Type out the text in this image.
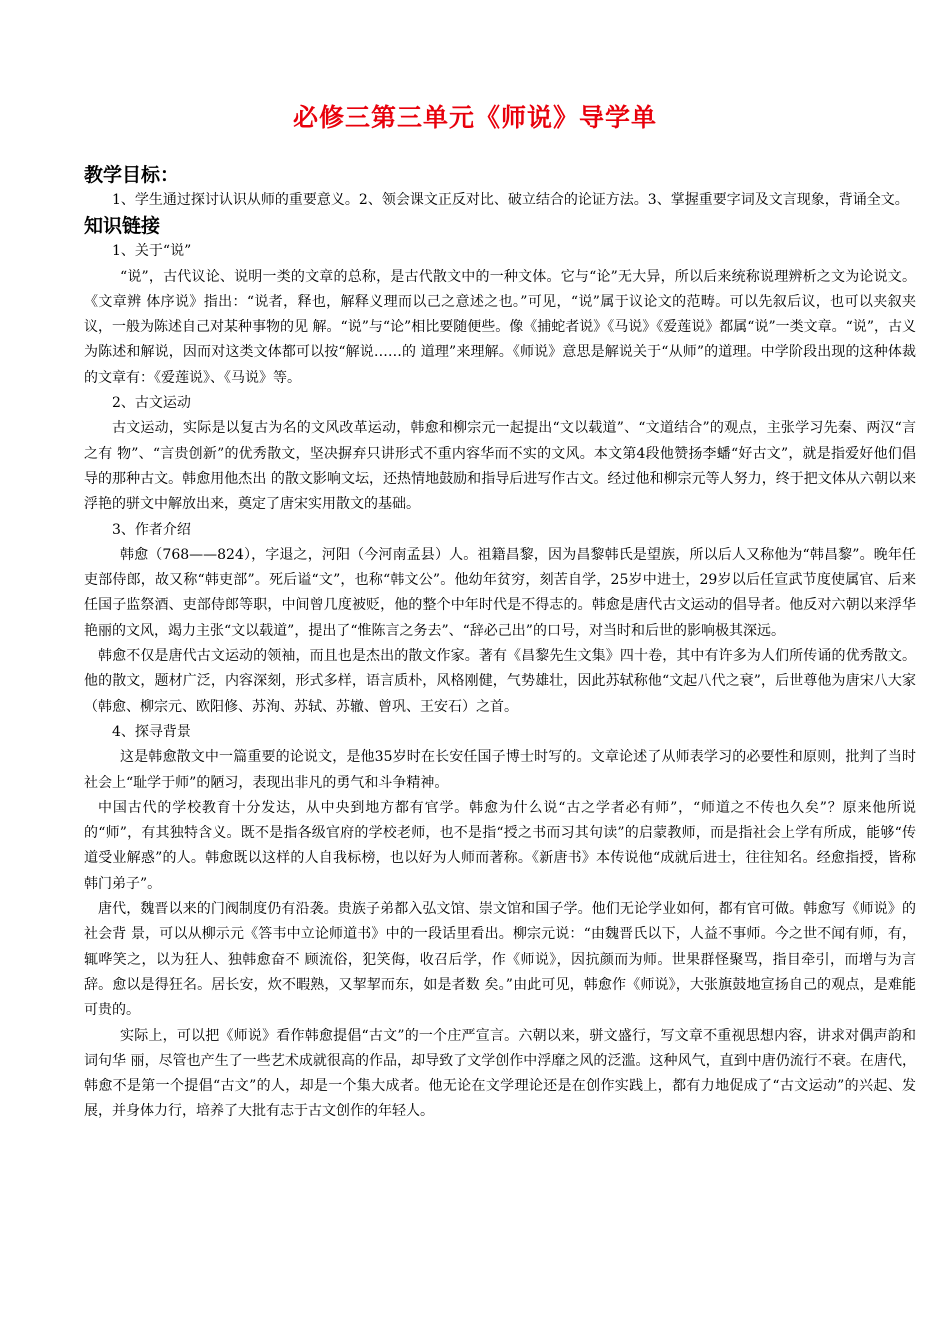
必修三第三单元《师说》导学单
教学目标：

1、学生通过探讨认识从师的重要意义。2、领会课文正反对比、破立结合的论证方法。3、掌握重要字词及文言现象，背诵全文。

知识链接

1、关于“说”

“说”，古代议论、说明一类的文章的总称，是古代散文中的一种文体。它与“论”无大异，所以后来统称说理辨析之文为论说文。《文章辨 体序说》指出：“说者，释也，解释义理而以己之意述之也。”可见，“说”属于议论文的范畴。可以先叙后议，也可以夹叙夹议，一般为陈述自己对某种事物的见 解。“说”与“论”相比要随便些。像《捕蛇者说》《马说》《爱莲说》都属“说”一类文章。“说”，古义为陈述和解说，因而对这类文体都可以按“解说……的 道理”来理解。《师说》意思是解说关于“从师”的道理。中学阶段出现的这种体裁的文章有：《爱莲说》、《马说》等。

2、古文运动

古文运动，实际是以复古为名的文风改革运动，韩愈和柳宗元一起提出“文以载道”、“文道结合”的观点，主张学习先秦、两汉“言之有 物”、“言贵创新”的优秀散文，坚决摒弃只讲形式不重内容华而不实的文风。本文第4段他赞扬李蟠“好古文”，就是指爱好他们倡导的那种古文。韩愈用他杰出 的散文影响文坛，还热情地鼓励和指导后进写作古文。经过他和柳宗元等人努力，终于把文体从六朝以来浮艳的骈文中解放出来，奠定了唐宋实用散文的基础。

3、作者介绍

韩愈（768——824），字退之，河阳（今河南孟县）人。祖籍昌黎，因为昌黎韩氏是望族，所以后人又称他为“韩昌黎”。晚年任吏部侍郎，故又称“韩吏部”。死后谥“文”，也称“韩文公”。他幼年贫穷，刻苦自学，25岁中进士，29岁以后任宣武节度使属官、后来任国子监祭酒、吏部侍郎等职，中间曾几度被贬，他的整个中年时代是不得志的。韩愈是唐代古文运动的倡导者。他反对六朝以来浮华艳丽的文风，竭力主张“文以载道”，提出了“惟陈言之务去”、“辞必己出”的口号，对当时和后世的影响极其深远。

韩愈不仅是唐代古文运动的领袖，而且也是杰出的散文作家。著有《昌黎先生文集》四十卷，其中有许多为人们所传诵的优秀散文。他的散文，题材广泛，内容深刻，形式多样，语言质朴，风格刚健，气势雄壮，因此苏轼称他“文起八代之衰”，后世尊他为唐宋八大家（韩愈、柳宗元、欧阳修、苏洵、苏轼、苏辙、曾巩、王安石）之首。

4、探寻背景

这是韩愈散文中一篇重要的论说文，是他35岁时在长安任国子博士时写的。文章论述了从师表学习的必要性和原则，批判了当时社会上“耻学于师”的陋习，表现出非凡的勇气和斗争精神。

中国古代的学校教育十分发达，从中央到地方都有官学。韩愈为什么说“古之学者必有师”，“师道之不传也久矣”？原来他所说的“师”，有其独特含义。既不是指各级官府的学校老师，也不是指“授之书而习其句读”的启蒙教师，而是指社会上学有所成，能够“传道受业解惑”的人。韩愈既以这样的人自我标榜，也以好为人师而著称。《新唐书》本传说他“成就后进士，往往知名。经愈指授，皆称韩门弟子”。

唐代，魏晋以来的门阀制度仍有沿袭。贵族子弟都入弘文馆、崇文馆和国子学。他们无论学业如何，都有官可做。韩愈写《师说》的社会背 景，可以从柳示元《答韦中立论师道书》中的一段话里看出。柳宗元说：“由魏晋氏以下，人益不事师。今之世不闻有师，有，辄哗笑之，以为狂人、独韩愈奋不 顾流俗，犯笑侮，收召后学，作《师说》，因抗颜而为师。世果群怪聚骂，指目牵引，而增与为言辞。愈以是得狂名。居长安，炊不暇熟，又挈挈而东，如是者数 矣。”由此可见，韩愈作《师说》，大张旗鼓地宣扬自己的观点，是难能可贵的。

实际上，可以把《师说》看作韩愈提倡“古文”的一个庄严宣言。六朝以来，骈文盛行，写文章不重视思想内容，讲求对偶声韵和词句华 丽，尽管也产生了一些艺术成就很高的作品，却导致了文学创作中浮靡之风的泛滥。这种风气，直到中唐仍流行不衰。在唐代，韩愈不是第一个提倡“古文”的人，却是一个集大成者。他无论在文学理论还是在创作实践上，都有力地促成了“古文运动”的兴起、发展，并身体力行，培养了大批有志于古文创作的年轻人。
